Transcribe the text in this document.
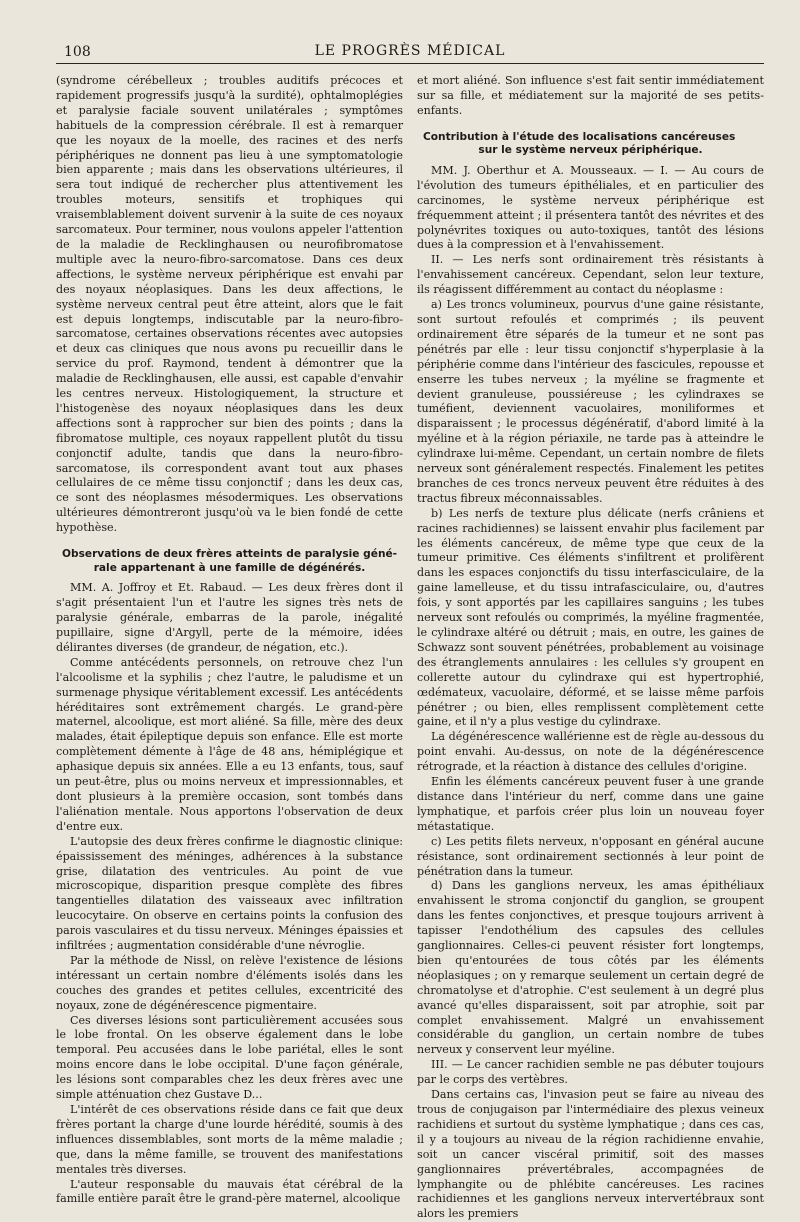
108	LE PROGRÈS MÉDICAL

(syndrome cérébelleux ; troubles auditifs précoces et rapidement progressifs jusqu'à la surdité), ophtalmoplégies et paralysie faciale souvent unilatérales ; symptômes habituels de la compression cérébrale. Il est à remarquer que les noyaux de la moelle, des racines et des nerfs périphériques ne donnent pas lieu à une symptomatologie bien apparente ; mais dans les observations ultérieures, il sera tout indiqué de rechercher plus attentivement les troubles moteurs, sensitifs et trophiques qui vraisemblablement doivent survenir à la suite de ces noyaux sarcomateux. Pour terminer, nous voulons appeler l'attention de la maladie de Recklinghausen ou neurofibromatose multiple avec la neuro-fibro-sarcomatose. Dans ces deux affections, le système nerveux périphérique est envahi par des noyaux néoplasiques. Dans les deux affections, le système nerveux central peut être atteint, alors que le fait est depuis longtemps, indiscutable par la neuro-fibro-sarcomatose, certaines observations récentes avec autopsies et deux cas cliniques que nous avons pu recueillir dans le service du prof. Raymond, tendent à démontrer que la maladie de Recklinghausen, elle aussi, est capable d'envahir les centres nerveux. Histologiquement, la structure et l'histogenèse des noyaux néoplasiques dans les deux affections sont à rapprocher sur bien des points ; dans la fibromatose multiple, ces noyaux rappellent plutôt du tissu conjonctif adulte, tandis que dans la neuro-fibro-sarcomatose, ils correspondent avant tout aux phases cellulaires de ce même tissu conjonctif ; dans les deux cas, ce sont des néoplasmes mésodermiques. Les observations ultérieures démontreront jusqu'où va le bien fondé de cette hypothèse.

Observations de deux frères atteints de paralysie géné-
rale appartenant à une famille de dégénérés.

MM. A. Joffroy et Et. Rabaud. — Les deux frères dont il s'agit présentaient l'un et l'autre les signes très nets de paralysie générale, embarras de la parole, inégalité pupillaire, signe d'Argyll, perte de la mémoire, idées délirantes diverses (de grandeur, de négation, etc.).

Comme antécédents personnels, on retrouve chez l'un l'alcoolisme et la syphilis ; chez l'autre, le paludisme et un surmenage physique véritablement excessif. Les antécédents héréditaires sont extrêmement chargés. Le grand-père maternel, alcoolique, est mort aliéné. Sa fille, mère des deux malades, était épileptique depuis son enfance. Elle est morte complètement démente à l'âge de 48 ans, hémiplégique et aphasique depuis six années. Elle a eu 13 enfants, tous, sauf un peut-être, plus ou moins nerveux et impressionnables, et dont plusieurs à la première occasion, sont tombés dans l'aliénation mentale. Nous apportons l'observation de deux d'entre eux.

L'autopsie des deux frères confirme le diagnostic clinique: épaississement des méninges, adhérences à la substance grise, dilatation des ventricules. Au point de vue microscopique, disparition presque complète des fibres tangentielles dilatation des vaisseaux avec infiltration leucocytaire. On observe en certains points la confusion des parois vasculaires et du tissu nerveux. Méninges épaissies et infiltrées ; augmentation considérable d'une névroglie.

Par la méthode de Nissl, on relève l'existence de lésions intéressant un certain nombre d'éléments isolés dans les couches des grandes et petites cellules, excentricité des noyaux, zone de dégénérescence pigmentaire.

Ces diverses lésions sont particulièrement accusées sous le lobe frontal. On les observe également dans le lobe temporal. Peu accusées dans le lobe pariétal, elles le sont moins encore dans le lobe occipital. D'une façon générale, les lésions sont comparables chez les deux frères avec une simple atténuation chez Gustave D...

L'intérêt de ces observations réside dans ce fait que deux frères portant la charge d'une lourde hérédité, soumis à des influences dissemblables, sont morts de la même maladie ; que, dans la même famille, se trouvent des manifestations mentales très diverses.

L'auteur responsable du mauvais état cérébral de la famille entière paraît être le grand-père maternel, alcoolique

et mort aliéné. Son influence s'est fait sentir immédiatement sur sa fille, et médiatement sur la majorité de ses petits-enfants.

Contribution à l'étude des localisations cancéreuses
sur le système nerveux périphérique.

MM. J. Oberthur et A. Mousseaux. — I. — Au cours de l'évolution des tumeurs épithéliales, et en particulier des carcinomes, le système nerveux périphérique est fréquemment atteint ; il présentera tantôt des névrites et des polynévrites toxiques ou auto-toxiques, tantôt des lésions dues à la compression et à l'envahissement.

II. — Les nerfs sont ordinairement très résistants à l'envahissement cancéreux. Cependant, selon leur texture, ils réagissent différemment au contact du néoplasme :

a) Les troncs volumineux, pourvus d'une gaine résistante, sont surtout refoulés et comprimés ; ils peuvent ordinairement être séparés de la tumeur et ne sont pas pénétrés par elle : leur tissu conjonctif s'hyperplasie à la périphérie comme dans l'intérieur des fascicules, repousse et enserre les tubes nerveux ; la myéline se fragmente et devient granuleuse, poussiéreuse ; les cylindraxes se tuméfient, deviennent vacuolaires, moniliformes et disparaissent ; le processus dégénératif, d'abord limité à la myéline et à la région périaxile, ne tarde pas à atteindre le cylindraxe lui-même. Cependant, un certain nombre de filets nerveux sont généralement respectés. Finalement les petites branches de ces troncs nerveux peuvent être réduites à des tractus fibreux méconnaissables.

b) Les nerfs de texture plus délicate (nerfs crâniens et racines rachidiennes) se laissent envahir plus facilement par les éléments cancéreux, de même type que ceux de la tumeur primitive. Ces éléments s'infiltrent et prolifèrent dans les espaces conjonctifs du tissu interfasciculaire, de la gaine lamelleuse, et du tissu intrafasciculaire, ou, d'autres fois, y sont apportés par les capillaires sanguins ; les tubes nerveux sont refoulés ou comprimés, la myéline fragmentée, le cylindraxe altéré ou détruit ; mais, en outre, les gaines de Schwazz sont souvent pénétrées, probablement au voisinage des étranglements annulaires : les cellules s'y groupent en collerette autour du cylindraxe qui est hypertrophié, œdémateux, vacuolaire, déformé, et se laisse même parfois pénétrer ; ou bien, elles remplissent complètement cette gaine, et il n'y a plus vestige du cylindraxe.

La dégénérescence wallérienne est de règle au-dessous du point envahi. Au-dessus, on note de la dégénérescence rétrograde, et la réaction à distance des cellules d'origine.

Enfin les éléments cancéreux peuvent fuser à une grande distance dans l'intérieur du nerf, comme dans une gaine lymphatique, et parfois créer plus loin un nouveau foyer métastatique.

c) Les petits filets nerveux, n'opposant en général aucune résistance, sont ordinairement sectionnés à leur point de pénétration dans la tumeur.

d) Dans les ganglions nerveux, les amas épithéliaux envahissent le stroma conjonctif du ganglion, se groupent dans les fentes conjonctives, et presque toujours arrivent à tapisser l'endothélium des capsules des cellules ganglionnaires. Celles-ci peuvent résister fort longtemps, bien qu'entourées de tous côtés par les éléments néoplasiques ; on y remarque seulement un certain degré de chromatolyse et d'atrophie. C'est seulement à un degré plus avancé qu'elles disparaissent, soit par atrophie, soit par complet envahissement. Malgré un envahissement considérable du ganglion, un certain nombre de tubes nerveux y conservent leur myéline.

III. — Le cancer rachidien semble ne pas débuter toujours par le corps des vertèbres.

Dans certains cas, l'invasion peut se faire au niveau des trous de conjugaison par l'intermédiaire des plexus veineux rachidiens et surtout du système lymphatique ; dans ces cas, il y a toujours au niveau de la région rachidienne envahie, soit un cancer viscéral primitif, soit des masses ganglionnaires prévertébrales, accompagnées de lymphangite ou de phlébite cancéreuses. Les racines rachidiennes et les ganglions nerveux intervertébraux sont alors les premiers
